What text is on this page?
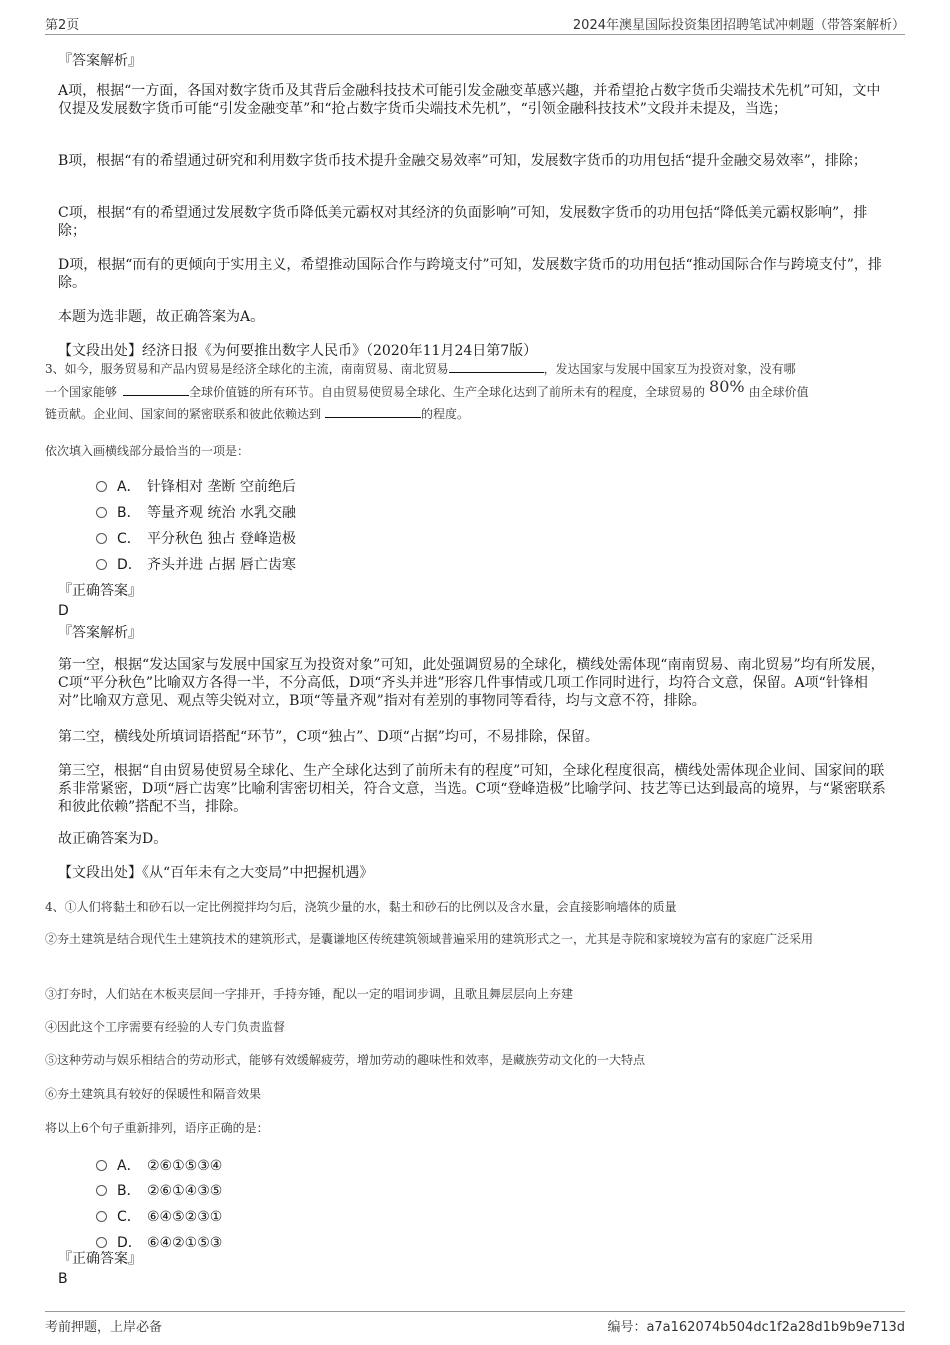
第2页	2024年澳星国际投资集团招聘笔试冲刺题（带答案解析）
『答案解析』
A项，根据“一方面，各国对数字货币及其背后金融科技技术可能引发金融变革感兴趣，并希望抢占数字货币尖端技术先机”可知，文中仅提及发展数字货币可能“引发金融变革”和“抢占数字货币尖端技术先机”，“引领金融科技技术”文段并未提及，当选；
B项，根据“有的希望通过研究和利用数字货币技术提升金融交易效率”可知，发展数字货币的功用包括“提升金融交易效率”，排除；
C项，根据“有的希望通过发展数字货币降低美元霸权对其经济的负面影响”可知，发展数字货币的功用包括“降低美元霸权影响”，排除；
D项，根据“而有的更倾向于实用主义，希望推动国际合作与跨境支付”可知，发展数字货币的功用包括“推动国际合作与跨境支付”，排除。
本题为选非题，故正确答案为A。
【文段出处】经济日报《为何要推出数字人民币》（2020年11月24日第7版）
3、如今，服务贸易和产品内贸易是经济全球化的主流，南南贸易、南北贸易	，发达国家与发展中国家互为投资对象，没有哪
一个国家能够	全球价值链的所有环节。自由贸易使贸易全球化、生产全球化达到了前所未有的程度，全球贸易的 80% 由全球价值
链贡献。企业间、国家间的紧密联系和彼此依赖达到	的程度。
依次填入画横线部分最恰当的一项是：
A． 针锋相对 垄断 空前绝后
B． 等量齐观 统治 水乳交融
C． 平分秋色 独占 登峰造极
D． 齐头并进 占据 唇亡齿寒
『正确答案』
D
『答案解析』
第一空，根据“发达国家与发展中国家互为投资对象”可知，此处强调贸易的全球化，横线处需体现“南南贸易、南北贸易”均有所发展，C项“平分秋色”比喻双方各得一半，不分高低，D项“齐头并进”形容几件事情或几项工作同时进行，均符合文意，保留。A项“针锋相对”比喻双方意见、观点等尖锐对立，B项“等量齐观”指对有差别的事物同等看待，均与文意不符，排除。
第二空，横线处所填词语搭配“环节”，C项“独占”、D项“占据”均可，不易排除，保留。
第三空，根据“自由贸易使贸易全球化、生产全球化达到了前所未有的程度”可知，全球化程度很高，横线处需体现企业间、国家间的联系非常紧密，D项“唇亡齿寒”比喻利害密切相关，符合文意，当选。C项“登峰造极”比喻学问、技艺等已达到最高的境界，与“紧密联系和彼此依赖”搭配不当，排除。
故正确答案为D。
【文段出处】《从“百年未有之大变局”中把握机遇》
4、①人们将黏土和砂石以一定比例搅拌均匀后，浇筑少量的水，黏土和砂石的比例以及含水量，会直接影响墙体的质量
②夯土建筑是结合现代生土建筑技术的建筑形式，是囊谦地区传统建筑领域普遍采用的建筑形式之一，尤其是寺院和家境较为富有的家庭广泛采用
③打夯时，人们站在木板夹层间一字排开，手持夯锤，配以一定的唱词步调，且歌且舞层层向上夯建
④因此这个工序需要有经验的人专门负责监督
⑤这种劳动与娱乐相结合的劳动形式，能够有效缓解疲劳，增加劳动的趣味性和效率，是藏族劳动文化的一大特点
⑥夯土建筑具有较好的保暖性和隔音效果
将以上6个句子重新排列，语序正确的是：
A． ②⑥①⑤③④
B． ②⑥①④③⑤
C． ⑥④⑤②③①
D． ⑥④②①⑤③
『正确答案』
B
考前押题，上岸必备	编号：a7a162074b504dc1f2a28d1b9b9e713d
